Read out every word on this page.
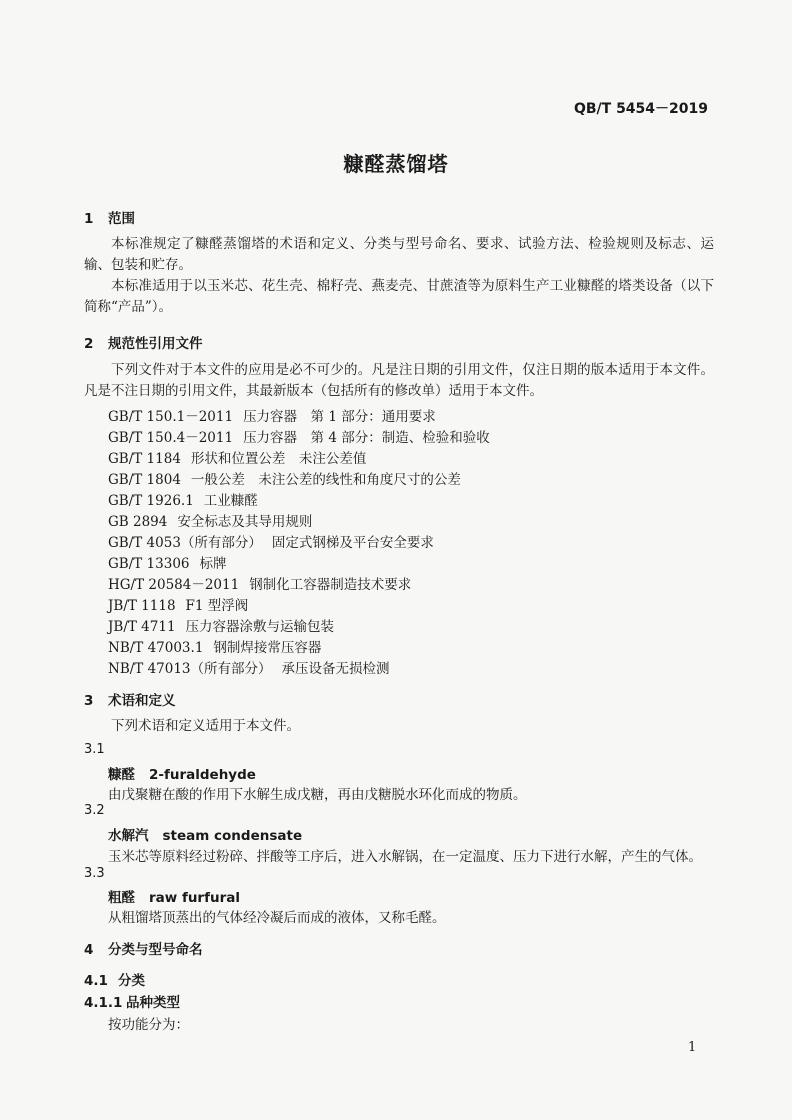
QB/T 5454－2019
糠醛蒸馏塔
1 范围
本标准规定了糠醛蒸馏塔的术语和定义、分类与型号命名、要求、试验方法、检验规则及标志、运输、包装和贮存。
本标准适用于以玉米芯、花生壳、棉籽壳、燕麦壳、甘蔗渣等为原料生产工业糠醛的塔类设备（以下简称“产品”）。
2 规范性引用文件
下列文件对于本文件的应用是必不可少的。凡是注日期的引用文件，仅注日期的版本适用于本文件。凡是不注日期的引用文件，其最新版本（包括所有的修改单）适用于本文件。
GB/T 150.1－2011 压力容器　第 1 部分：通用要求
GB/T 150.4－2011 压力容器　第 4 部分：制造、检验和验收
GB/T 1184 形状和位置公差　未注公差值
GB/T 1804 一般公差　未注公差的线性和角度尺寸的公差
GB/T 1926.1 工业糠醛
GB 2894 安全标志及其导用规则
GB/T 4053（所有部分） 固定式钢梯及平台安全要求
GB/T 13306 标牌
HG/T 20584－2011 钢制化工容器制造技术要求
JB/T 1118 F1 型浮阀
JB/T 4711 压力容器涂敷与运输包装
NB/T 47003.1 钢制焊接常压容器
NB/T 47013（所有部分） 承压设备无损检测
3 术语和定义
下列术语和定义适用于本文件。
3.1
糠醛 2-furaldehyde
由戊聚糖在酸的作用下水解生成戊糖，再由戊糖脱水环化而成的物质。
3.2
水解汽 steam condensate
玉米芯等原料经过粉碎、拌酸等工序后，进入水解锅，在一定温度、压力下进行水解，产生的气体。
3.3
粗醛 raw furfural
从粗馏塔顶蒸出的气体经冷凝后而成的液体，又称毛醛。
4 分类与型号命名
4.1 分类
4.1.1 品种类型
按功能分为：
1
